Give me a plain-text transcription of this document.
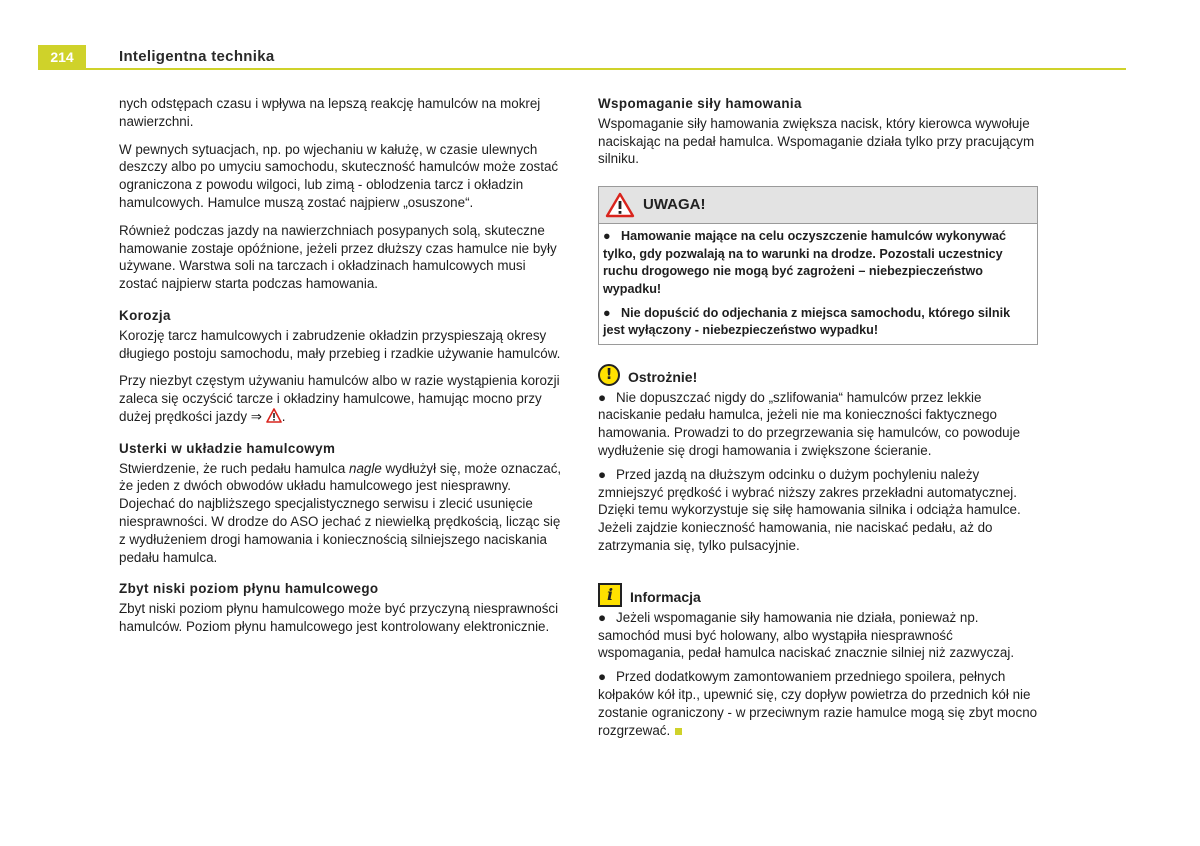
214	Inteligentna technika

nych odstępach czasu i wpływa na lepszą reakcję hamulców na mokrej nawierzchni.

W pewnych sytuacjach, np. po wjechaniu w kałużę, w czasie ulewnych deszczy albo po umyciu samochodu, skuteczność hamulców może zostać ograniczona z powodu wilgoci, lub zimą - oblodzenia tarcz i okładzin hamulcowych. Hamulce muszą zostać najpierw „osuszone“.

Również podczas jazdy na nawierzchniach posypanych solą, skuteczne hamowanie zostaje opóźnione, jeżeli przez dłuższy czas hamulce nie były używane. Warstwa soli na tarczach i okładzinach hamulcowych musi zostać najpierw starta podczas hamowania.

Korozja

Korozję tarcz hamulcowych i zabrudzenie okładzin przyspieszają okresy długiego postoju samochodu, mały przebieg i rzadkie używanie hamulców.

Przy niezbyt częstym używaniu hamulców albo w razie wystąpienia korozji zaleca się oczyścić tarcze i okładziny hamulcowe, hamując mocno przy dużej prędkości jazdy ⇒ .

Usterki w układzie hamulcowym

Stwierdzenie, że ruch pedału hamulca nagle wydłużył się, może oznaczać, że jeden z dwóch obwodów układu hamulcowego jest niesprawny. Dojechać do najbliższego specjalistycznego serwisu i zlecić usunięcie niesprawności. W drodze do ASO jechać z niewielką prędkością, licząc się z wydłużeniem drogi hamowania i koniecznością silniejszego naciskania pedału hamulca.

Zbyt niski poziom płynu hamulcowego

Zbyt niski poziom płynu hamulcowego może być przyczyną niesprawności hamulców. Poziom płynu hamulcowego jest kontrolowany elektronicznie.

Wspomaganie siły hamowania

Wspomaganie siły hamowania zwiększa nacisk, który kierowca wywołuje naciskając na pedał hamulca. Wspomaganie działa tylko przy pracującym silniku.

UWAGA!

● Hamowanie mające na celu oczyszczenie hamulców wykonywać tylko, gdy pozwalają na to warunki na drodze. Pozostali uczestnicy ruchu drogowego nie mogą być zagrożeni – niebezpieczeństwo wypadku!

● Nie dopuścić do odjechania z miejsca samochodu, którego silnik jest wyłączony - niebezpieczeństwo wypadku!

!	Ostrożnie!

● Nie dopuszczać nigdy do „szlifowania“ hamulców przez lekkie naciskanie pedału hamulca, jeżeli nie ma konieczności faktycznego hamowania. Prowadzi to do przegrzewania się hamulców, co powoduje wydłużenie się drogi hamowania i zwiększone ścieranie.

● Przed jazdą na dłuższym odcinku o dużym pochyleniu należy zmniejszyć prędkość i wybrać niższy zakres przekładni automatycznej. Dzięki temu wykorzystuje się siłę hamowania silnika i odciąża hamulce. Jeżeli zajdzie konieczność hamowania, nie naciskać pedału, aż do zatrzymania się, tylko pulsacyjnie.

i	Informacja

● Jeżeli wspomaganie siły hamowania nie działa, ponieważ np. samochód musi być holowany, albo wystąpiła niesprawność wspomagania, pedał hamulca naciskać znacznie silniej niż zazwyczaj.

● Przed dodatkowym zamontowaniem przedniego spoilera, pełnych kołpaków kół itp., upewnić się, czy dopływ powietrza do przednich kół nie zostanie ograniczony - w przeciwnym razie hamulce mogą się zbyt mocno rozgrzewać.
